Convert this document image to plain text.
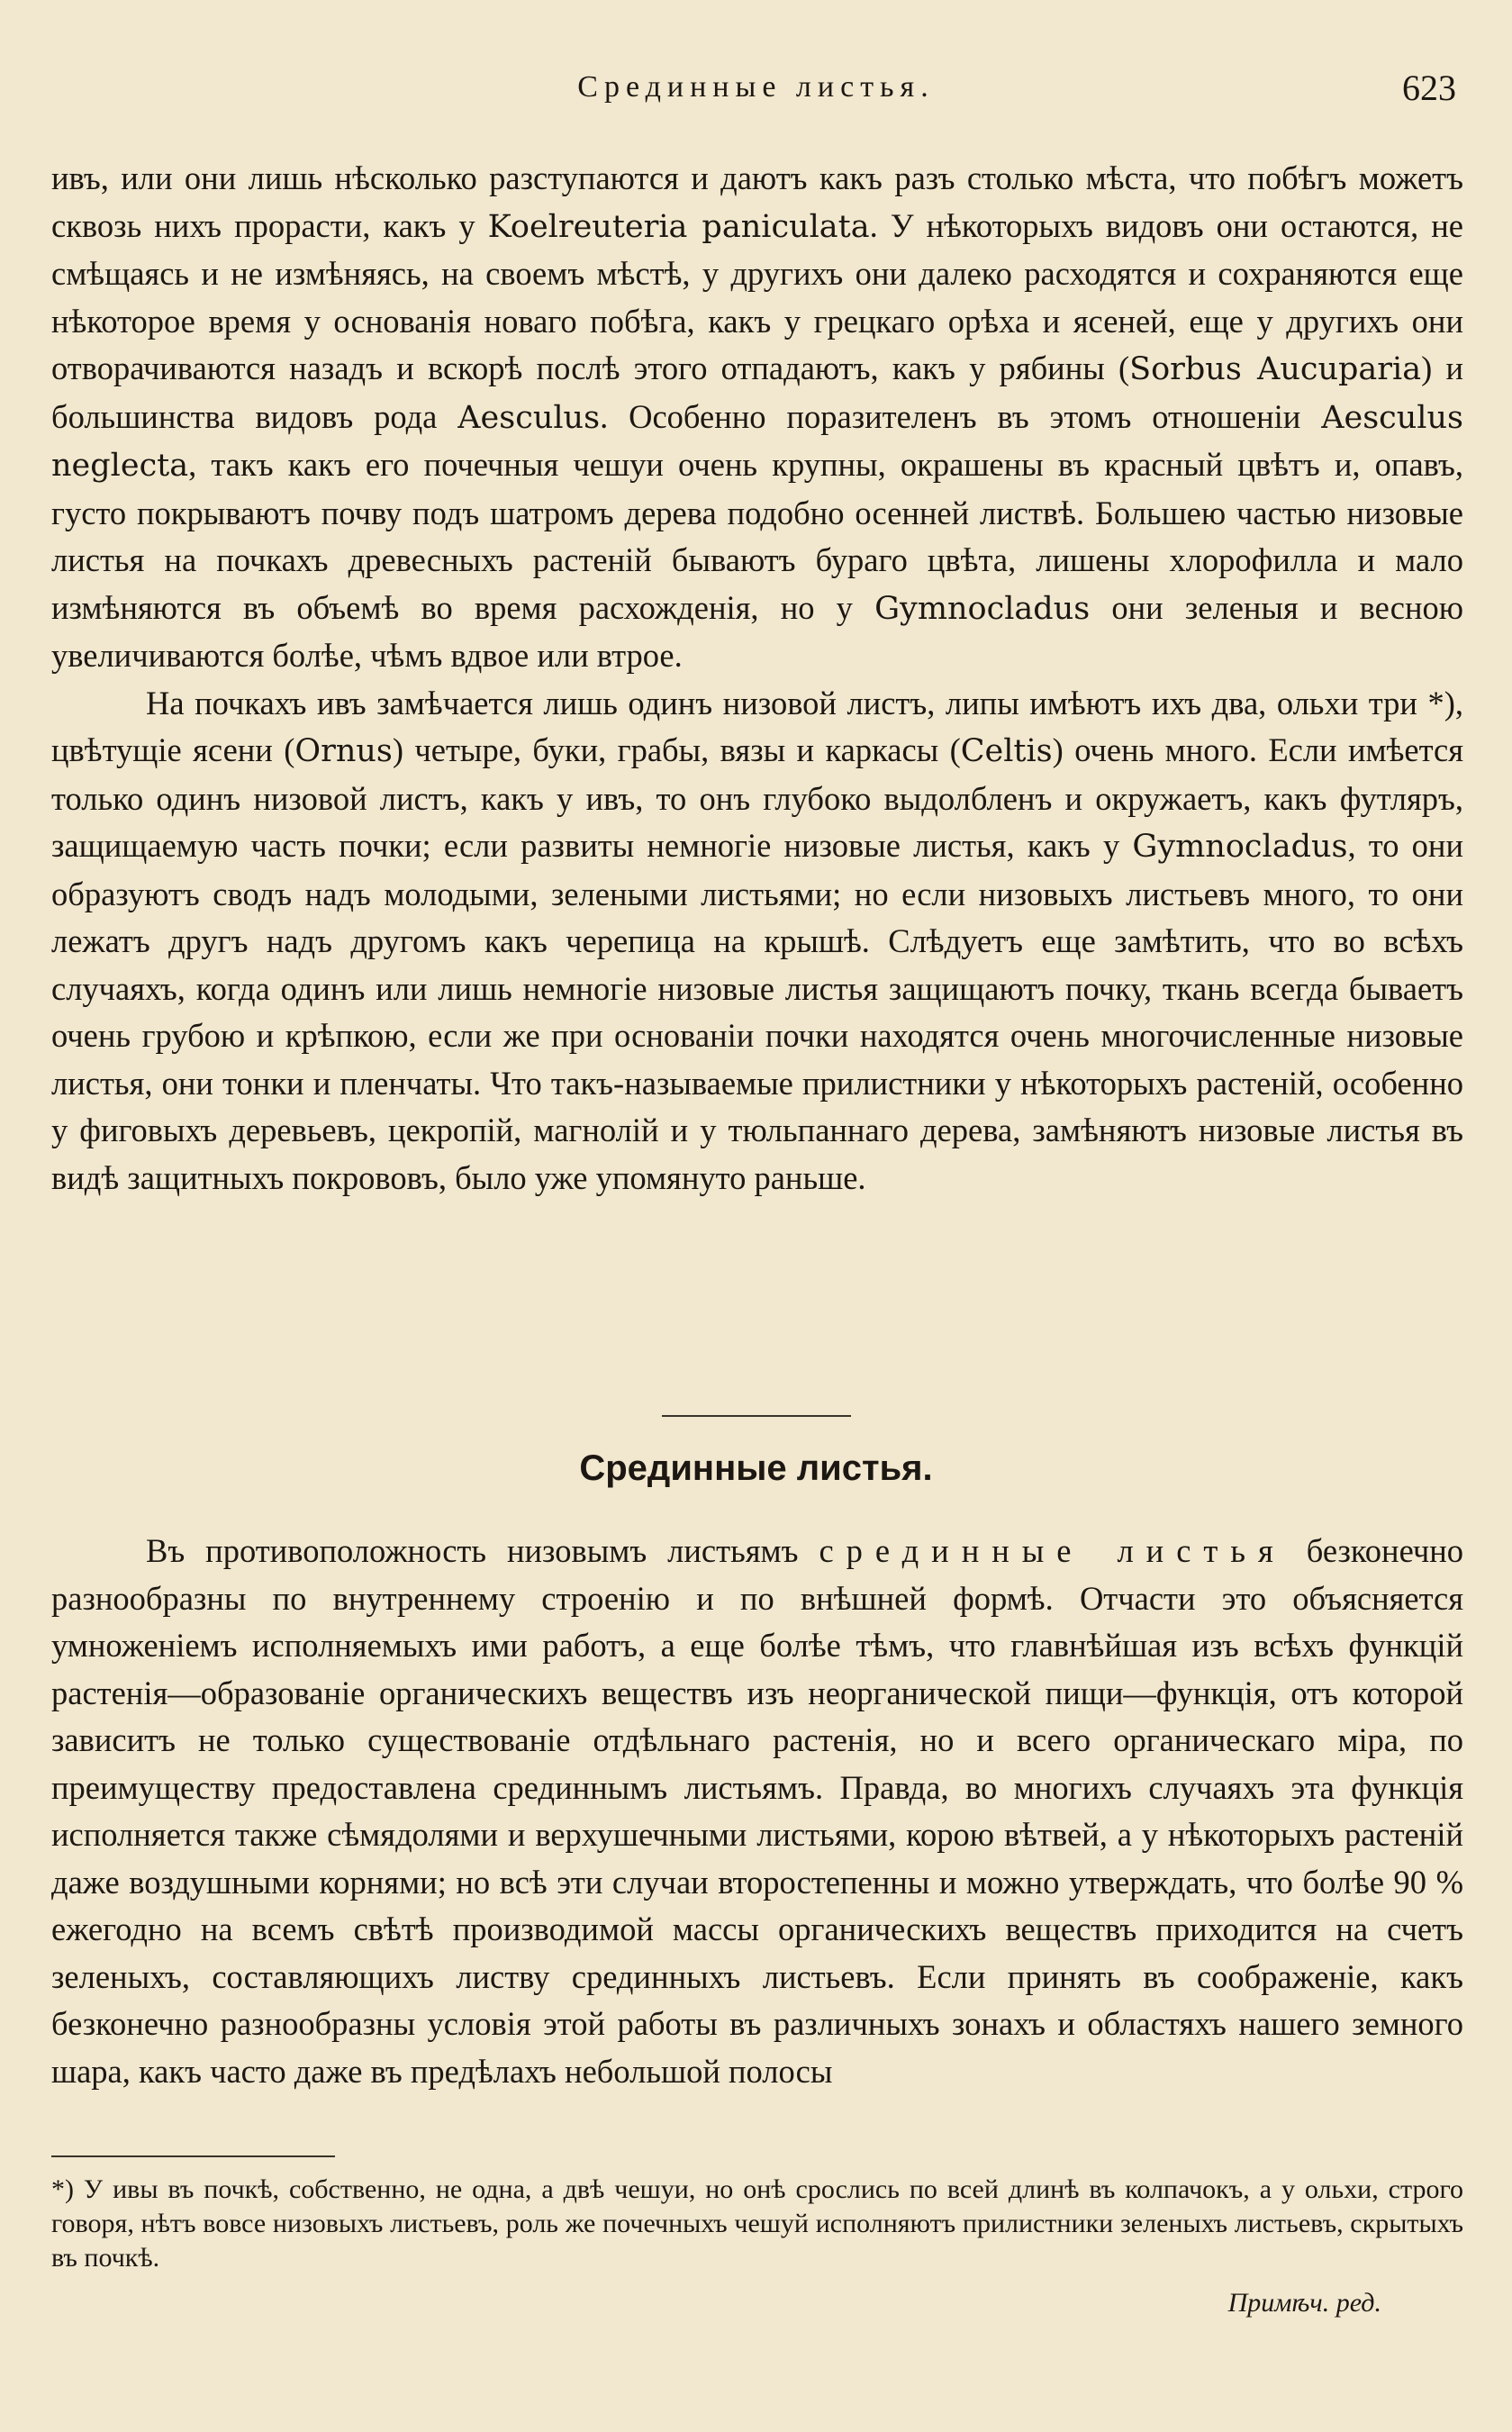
Срединные листья.	623

ивъ, или они лишь нѣсколько разступаются и даютъ какъ разъ столько мѣста, что побѣгъ можетъ сквозь нихъ прорасти, какъ у Koelreuteria paniculata. У нѣкоторыхъ видовъ они остаются, не смѣщаясь и не измѣняясь, на своемъ мѣстѣ, у другихъ они далеко расходятся и сохраняются еще нѣкоторое время у основанія новаго побѣга, какъ у грецкаго орѣха и ясеней, еще у другихъ они отворачиваются назадъ и вскорѣ послѣ этого отпадаютъ, какъ у рябины (Sorbus Aucuparia) и большинства видовъ рода Aesculus. Особенно поразителенъ въ этомъ отношеніи Aesculus neglecta, такъ какъ его почечныя чешуи очень крупны, окрашены въ красный цвѣтъ и, опавъ, густо покрываютъ почву подъ шатромъ дерева подобно осенней листвѣ. Большею частью низовые листья на почкахъ древесныхъ растеній бываютъ бураго цвѣта, лишены хлорофилла и мало измѣняются въ объемѣ во время расхожденія, но у Gymnocladus они зеленыя и весною увеличиваются болѣе, чѣмъ вдвое или втрое.

На почкахъ ивъ замѣчается лишь одинъ низовой листъ, липы имѣютъ ихъ два, ольхи три *), цвѣтущіе ясени (Ornus) четыре, буки, грабы, вязы и каркасы (Celtis) очень много. Если имѣется только одинъ низовой листъ, какъ у ивъ, то онъ глубоко выдолбленъ и окружаетъ, какъ футляръ, защищаемую часть почки; если развиты немногіе низовые листья, какъ у Gymnocladus, то они образуютъ сводъ надъ молодыми, зелеными листьями; но если низовыхъ листьевъ много, то они лежатъ другъ надъ другомъ какъ черепица на крышѣ. Слѣдуетъ еще замѣтить, что во всѣхъ случаяхъ, когда одинъ или лишь немногіе низовые листья защищаютъ почку, ткань всегда бываетъ очень грубою и крѣпкою, если же при основаніи почки находятся очень многочисленные низовые листья, они тонки и пленчаты. Что такъ-называемые прилистники у нѣкоторыхъ растеній, особенно у фиговыхъ деревьевъ, цекропій, магнолій и у тюльпаннаго дерева, замѣняютъ низовые листья въ видѣ защитныхъ покрововъ, было уже упомянуто раньше.

Срединные листья.

Въ противоположность низовымъ листьямъ срединные листья безконечно разнообразны по внутреннему строенію и по внѣшней формѣ. Отчасти это объясняется умноженіемъ исполняемыхъ ими работъ, а еще болѣе тѣмъ, что главнѣйшая изъ всѣхъ функцій растенія—образованіе органическихъ веществъ изъ неорганической пищи—функція, отъ которой зависитъ не только существованіе отдѣльнаго растенія, но и всего органическаго міра, по преимуществу предоставлена срединнымъ листьямъ. Правда, во многихъ случаяхъ эта функція исполняется также сѣмядолями и верхушечными листьями, корою вѣтвей, а у нѣкоторыхъ растеній даже воздушными корнями; но всѣ эти случаи второстепенны и можно утверждать, что болѣе 90 % ежегодно на всемъ свѣтѣ производимой массы органическихъ веществъ приходится на счетъ зеленыхъ, составляющихъ листву срединныхъ листьевъ. Если принять въ соображеніе, какъ безконечно разнообразны условія этой работы въ различныхъ зонахъ и областяхъ нашего земного шара, какъ часто даже въ предѣлахъ небольшой полосы

*) У ивы въ почкѣ, собственно, не одна, а двѣ чешуи, но онѣ срослись по всей длинѣ въ колпачокъ, а у ольхи, строго говоря, нѣтъ вовсе низовыхъ листьевъ, роль же почечныхъ чешуй исполняютъ прилистники зеленыхъ листьевъ, скрытыхъ въ почкѣ.

Примѣч. ред.
